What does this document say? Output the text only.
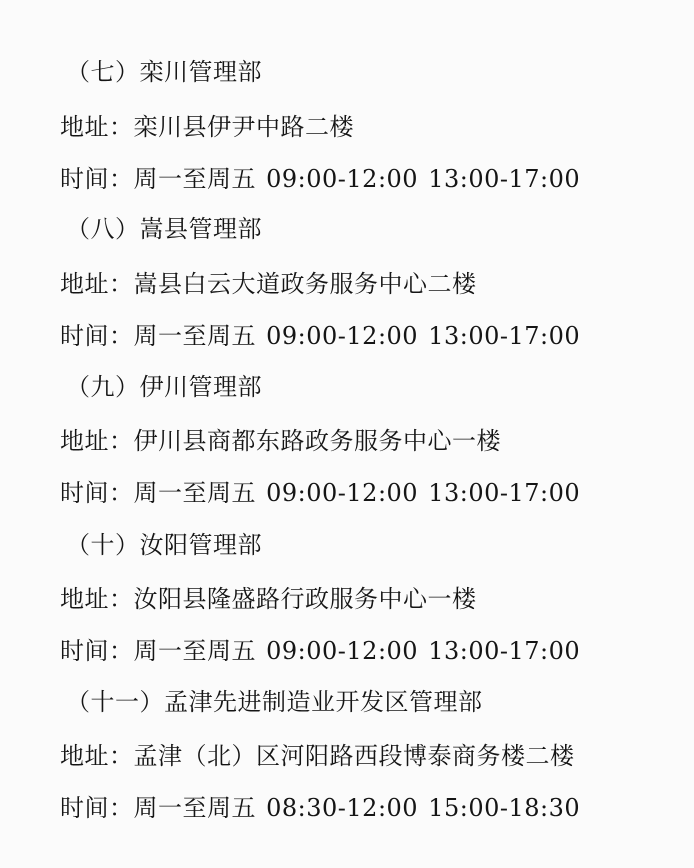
（七）栾川管理部
地址：栾川县伊尹中路二楼
时间：周一至周五 09:00-12:00 13:00-17:00
（八）嵩县管理部
地址：嵩县白云大道政务服务中心二楼
时间：周一至周五 09:00-12:00 13:00-17:00
（九）伊川管理部
地址：伊川县商都东路政务服务中心一楼
时间：周一至周五 09:00-12:00 13:00-17:00
（十）汝阳管理部
地址：汝阳县隆盛路行政服务中心一楼
时间：周一至周五 09:00-12:00 13:00-17:00
（十一）孟津先进制造业开发区管理部
地址：孟津（北）区河阳路西段博泰商务楼二楼
时间：周一至周五 08:30-12:00 15:00-18:30
